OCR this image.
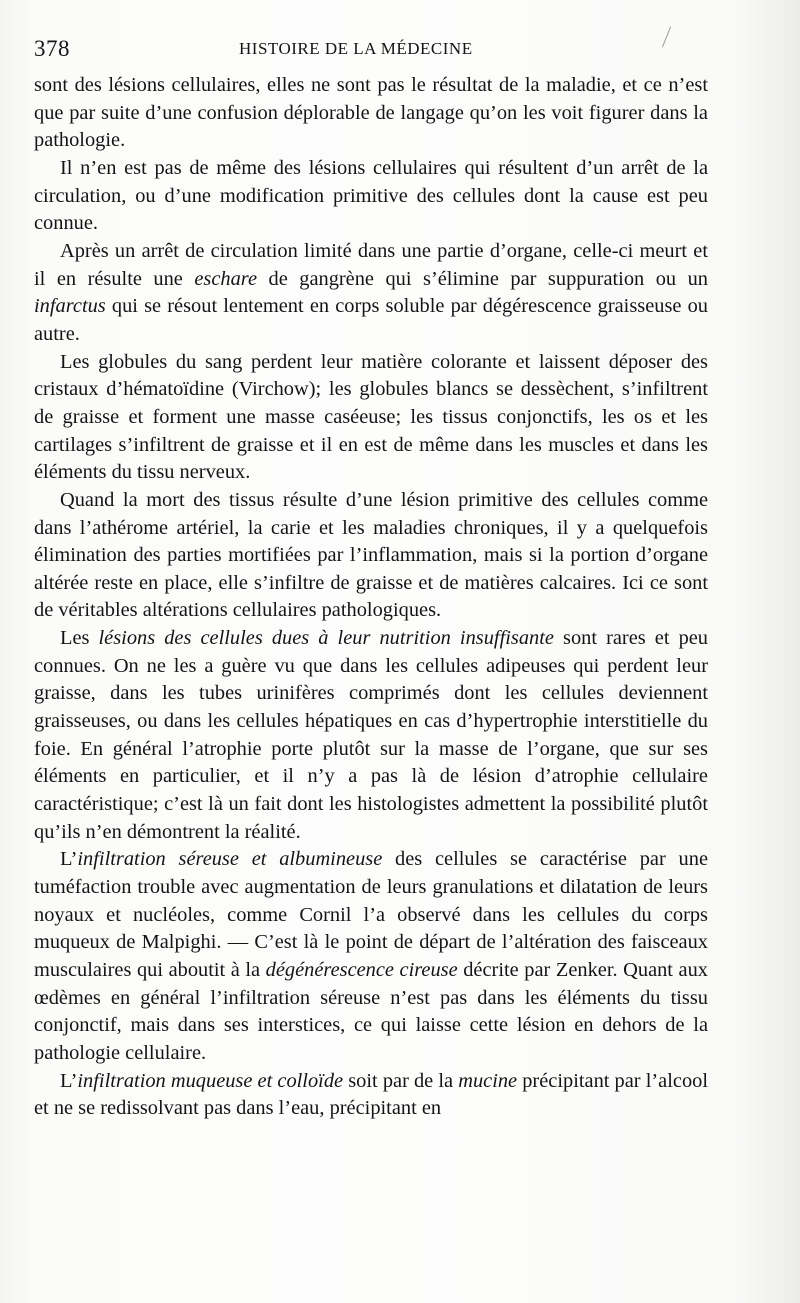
378	HISTOIRE DE LA MÉDECINE

sont des lésions cellulaires, elles ne sont pas le résultat de la maladie, et ce n’est que par suite d’une confusion déplorable de langage qu’on les voit figurer dans la pathologie.

Il n’en est pas de même des lésions cellulaires qui résultent d’un arrêt de la circulation, ou d’une modification primitive des cellules dont la cause est peu connue.

Après un arrêt de circulation limité dans une partie d’organe, celle-ci meurt et il en résulte une eschare de gangrène qui s’élimine par suppuration ou un infarctus qui se résout lentement en corps soluble par dégérescence graisseuse ou autre.

Les globules du sang perdent leur matière colorante et laissent déposer des cristaux d’hématoïdine (Virchow); les globules blancs se dessèchent, s’infiltrent de graisse et forment une masse caséeuse; les tissus conjonctifs, les os et les cartilages s’infiltrent de graisse et il en est de même dans les muscles et dans les éléments du tissu nerveux.

Quand la mort des tissus résulte d’une lésion primitive des cellules comme dans l’athérome artériel, la carie et les maladies chroniques, il y a quelquefois élimination des parties mortifiées par l’inflammation, mais si la portion d’organe altérée reste en place, elle s’infiltre de graisse et de matières calcaires. Ici ce sont de véritables altérations cellulaires pathologiques.

Les lésions des cellules dues à leur nutrition insuffisante sont rares et peu connues. On ne les a guère vu que dans les cellules adipeuses qui perdent leur graisse, dans les tubes urinifères comprimés dont les cellules deviennent graisseuses, ou dans les cellules hépatiques en cas d’hypertrophie interstitielle du foie. En général l’atrophie porte plutôt sur la masse de l’organe, que sur ses éléments en particulier, et il n’y a pas là de lésion d’atrophie cellulaire caractéristique; c’est là un fait dont les histologistes admettent la possibilité plutôt qu’ils n’en démontrent la réalité.

L’infiltration séreuse et albumineuse des cellules se caractérise par une tuméfaction trouble avec augmentation de leurs granulations et dilatation de leurs noyaux et nucléoles, comme Cornil l’a observé dans les cellules du corps muqueux de Malpighi. — C’est là le point de départ de l’altération des faisceaux musculaires qui aboutit à la dégénérescence cireuse décrite par Zenker. Quant aux œdèmes en général l’infiltration séreuse n’est pas dans les éléments du tissu conjonctif, mais dans ses interstices, ce qui laisse cette lésion en dehors de la pathologie cellulaire.

L’infiltration muqueuse et colloïde soit par de la mucine précipitant par l’alcool et ne se redissolvant pas dans l’eau, précipitant en
